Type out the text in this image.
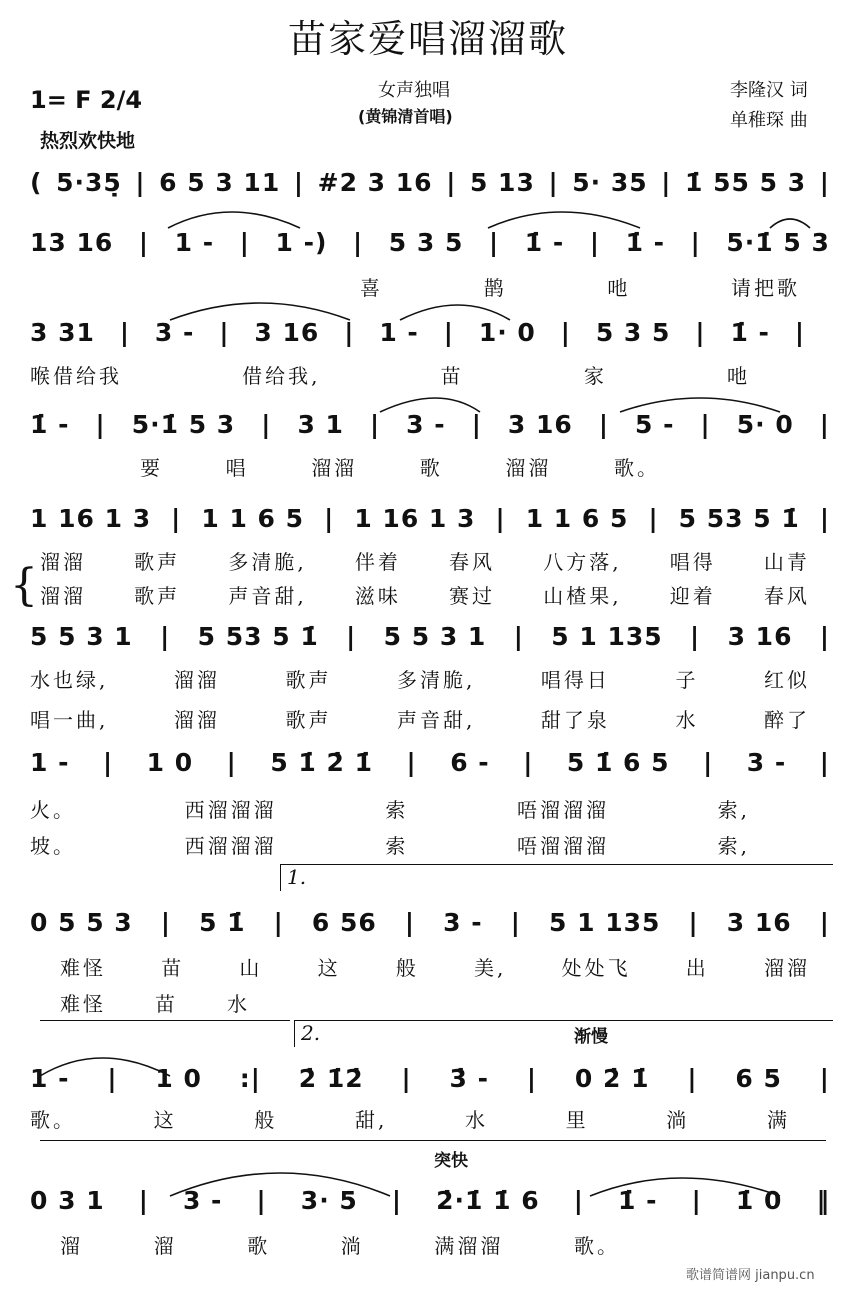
苗家爱唱溜溜歌
1= F 2/4
热烈欢快地
女声独唱
(黄锦清首唱)
李隆汉 词
单稚琛 曲
( 5·35̣ | 6 5 3 11 | #2 3 16 | 5 13 | 5· 35 | 1̇ 55 5 3 |
13 16 | 1 - | 1 -) | 5 3 5 | 1̇ - | 1̇ - | 5·1̇ 5 3
喜	鹊	吔	请把歌
3 31 | 3 - | 3 16 | 1 - | 1· 0 | 5 3 5 | 1̇ - |
喉借给我	借给我,	苗	家	吔
1̇ - | 5·1̇ 5 3 | 3 1 | 3 - | 3 16 | 5 - | 5· 0 |
要	唱	溜溜	歌	溜溜	歌。
1 16 1 3 | 1 1 6 5 | 1 16 1 3 | 1 1 6 5 | 5 53 5 1̇ |
{ 溜溜 歌声 多清脆, 伴着 春风 八方落, 唱得 山青
溜溜 歌声 声音甜, 滋味 赛过 山楂果, 迎着 春风
5 5 3 1 | 5 53 5 1̇ | 5 5 3 1 | 5 1 135 | 3 16 |
水也绿,	溜溜	歌声	多清脆,	唱得日	子	红似
唱一曲,	溜溜	歌声	声音甜,	甜了泉	水	醉了
1 - | 1 0 | 5 1̇ 2̇ 1̇ | 6 - | 5 1̇ 6 5 | 3 - |
火。	西溜溜溜	索	唔溜溜溜	索,
坡。	西溜溜溜	索	唔溜溜溜	索,
1.
0 5 5 3 | 5 1̇ | 6 56 | 3 - | 5 1 135 | 3 16 |
难怪	苗	山	这	般	美,	处处飞	出	溜溜
难怪 苗 水
2.	渐慢
1 - | 1 0 :| 2̇ 1̇2̇ | 3̇ - | 0 2̇ 1̇ | 6 5 |
歌。	这	般	甜,	水	里	淌	满
突快
0 3 1 | 3 - | 3· 5 | 2̇·1̇ 1̇ 6 | 1̇ - | 1̇ 0 ‖
溜	溜	歌	淌	满溜溜	歌。
歌谱简谱网 jianpu.cn
